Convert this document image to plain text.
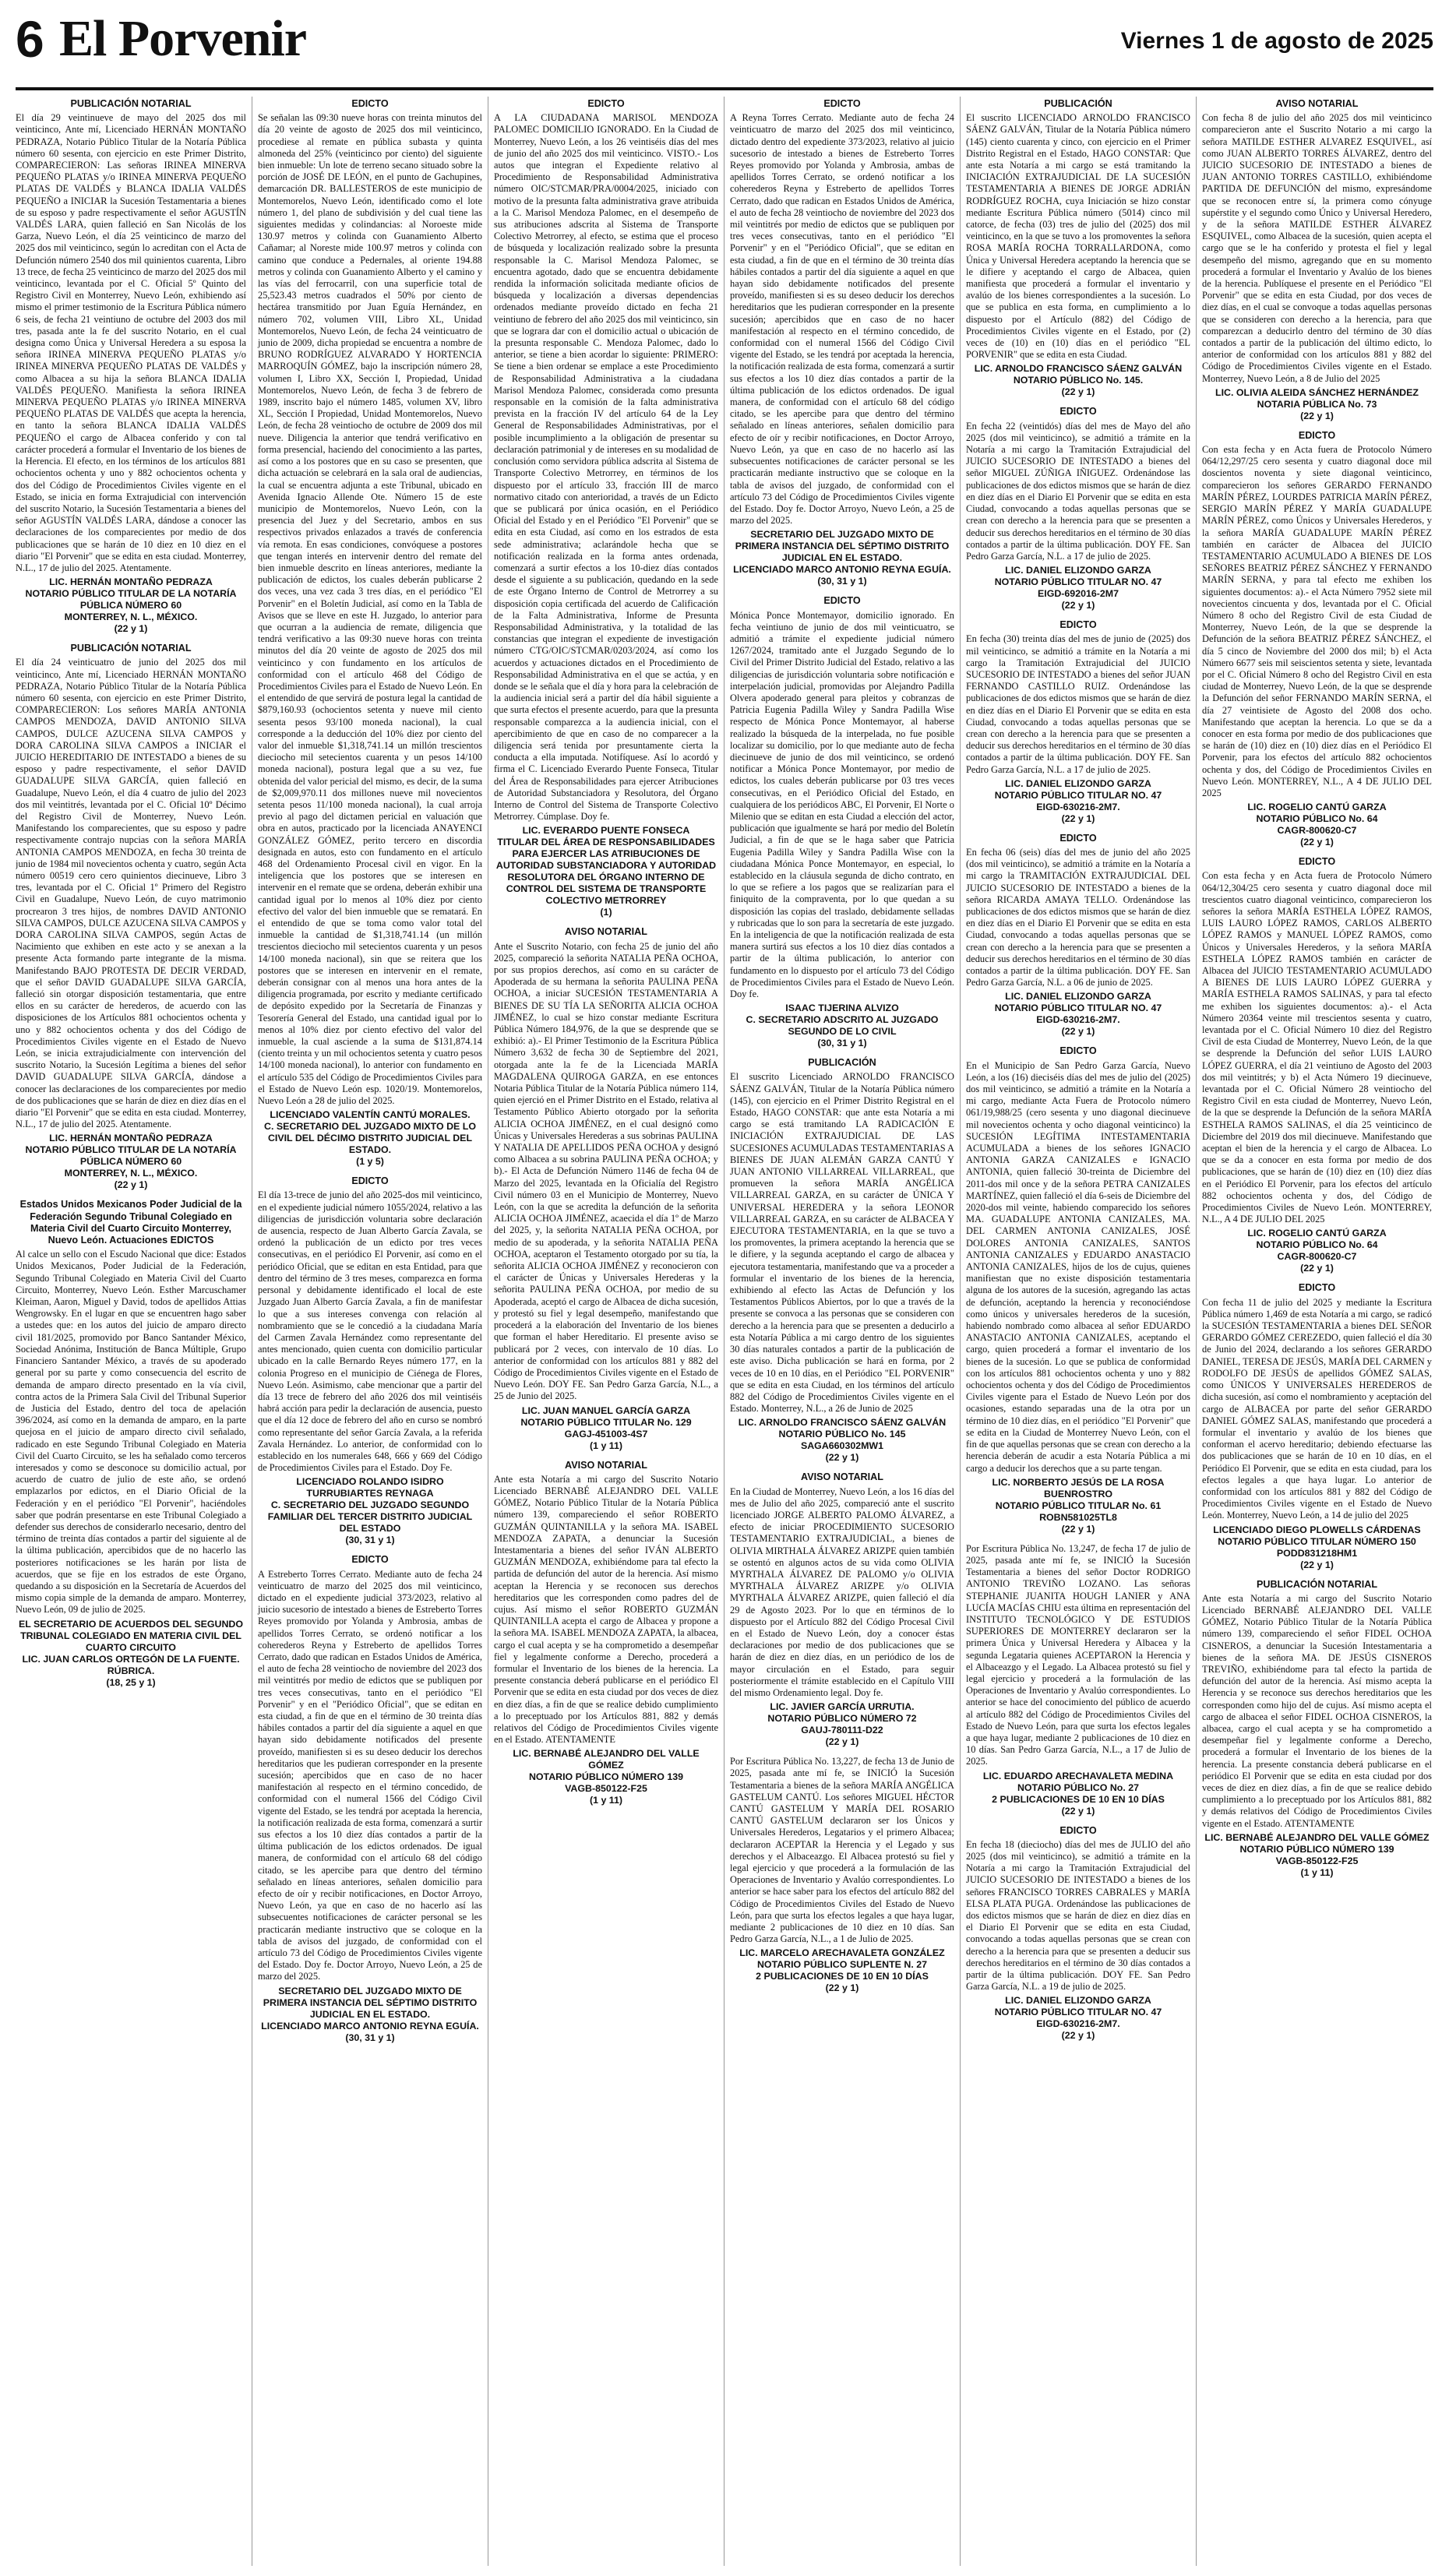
6 El Porvenir	Viernes 1 de agosto de 2025
PUBLICACIÓN NOTARIAL

El día 29 veintinueve de mayo del 2025 dos mil veinticinco, Ante mí, Licenciado HERNÁN MONTAÑO PEDRAZA, Notario Público Titular de la Notaría Pública número 60 sesenta, con ejercicio en este Primer Distrito, COMPARECIERON: Las señoras IRINEA MINERVA PEQUEÑO PLATAS y/o IRINEA MINERVA PEQUEÑO PLATAS DE VALDÉS y BLANCA IDALIA VALDÉS PEQUEÑO a INICIAR la Sucesión Testamentaria a bienes de su esposo y padre respectivamente el señor AGUSTÍN VALDÉS LARA, quien falleció en San Nicolás de los Garza, Nuevo León, el día 25 veinticinco de marzo del 2025 dos mil veinticinco, según lo acreditan con el Acta de Defunción número 2540 dos mil quinientos cuarenta, Libro 13 trece, de fecha 25 veinticinco de marzo del 2025 dos mil veinticinco, levantada por el C. Oficial 5º Quinto del Registro Civil en Monterrey, Nuevo León, exhibiendo así mismo el primer testimonio de la Escritura Pública número 6 seis, de fecha 21 veintiuno de octubre del 2003 dos mil tres, pasada ante la fe del suscrito Notario, en el cual designa como Única y Universal Heredera a su esposa la señora IRINEA MINERVA PEQUEÑO PLATAS y/o IRINEA MINERVA PEQUEÑO PLATAS DE VALDÉS y como Albacea a su hija la señora BLANCA IDALIA VALDÉS PEQUEÑO. Manifiesta la señora IRINEA MINERVA PEQUEÑO PLATAS y/o IRINEA MINERVA PEQUEÑO PLATAS DE VALDÉS que acepta la herencia, en tanto la señora BLANCA IDALIA VALDÉS PEQUEÑO el cargo de Albacea conferido y con tal carácter procederá a formular el Inventario de los bienes de la Herencia. El efecto, en los términos de los artículos 881 ochocientos ochenta y uno y 882 ochocientos ochenta y dos del Código de Procedimientos Civiles vigente en el Estado, se inicia en forma Extrajudicial con intervención del suscrito Notario, la Sucesión Testamentaria a bienes del señor AGUSTÍN VALDÉS LARA, dándose a conocer las declaraciones de los comparecientes por medio de dos publicaciones que se harán de 10 diez en 10 diez en el diario "El Porvenir" que se edita en esta ciudad. Monterrey, N.L., 17 de julio del 2025. Atentamente.

LIC. HERNÁN MONTAÑO PEDRAZA
NOTARIO PÚBLICO TITULAR DE LA NOTARÍA PÚBLICA NÚMERO 60
MONTERREY, N. L., MÉXICO.
(22 y 1)
PUBLICACIÓN NOTARIAL

El día 24 veinticuatro de junio del 2025 dos mil veinticinco, Ante mí, Licenciado HERNÁN MONTAÑO PEDRAZA, Notario Público Titular de la Notaría Pública número 60 sesenta, con ejercicio en este Primer Distrito, COMPARECIERON: Los señores MARÍA ANTONIA CAMPOS MENDOZA, DAVID ANTONIO SILVA CAMPOS, DULCE AZUCENA SILVA CAMPOS y DORA CAROLINA SILVA CAMPOS a INICIAR el JUICIO HEREDITARIO DE INTESTADO a bienes de su esposo y padre respectivamente, el señor DAVID GUADALUPE SILVA GARCÍA, quien falleció en Guadalupe, Nuevo León, el día 4 cuatro de julio del 2023 dos mil veintitrés, levantada por el C. Oficial 10º Décimo del Registro Civil de Monterrey, Nuevo León. Manifestando los comparecientes, que su esposo y padre respectivamente contrajo nupcias con la señora MARÍA ANTONIA CAMPOS MENDOZA, en fecha 30 treinta de junio de 1984 mil novecientos ochenta y cuatro, según Acta número 00519 cero cero quinientos diecinueve, Libro 3 tres, levantada por el C. Oficial 1º Primero del Registro Civil en Guadalupe, Nuevo León, de cuyo matrimonio procrearon 3 tres hijos, de nombres DAVID ANTONIO SILVA CAMPOS, DULCE AZUCENA SILVA CAMPOS y DORA CAROLINA SILVA CAMPOS, según Actas de Nacimiento que exhiben en este acto y se anexan a la presente Acta formando parte integrante de la misma. Manifestando BAJO PROTESTA DE DECIR VERDAD, que el señor DAVID GUADALUPE SILVA GARCÍA, falleció sin otorgar disposición testamentaria, que entre ellos en su carácter de herederos, de acuerdo con las disposiciones de los Artículos 881 ochocientos ochenta y uno y 882 ochocientos ochenta y dos del Código de Procedimientos Civiles vigente en el Estado de Nuevo León, se inicia extrajudicialmente con intervención del suscrito Notario, la Sucesión Legítima a bienes del señor DAVID GUADALUPE SILVA GARCÍA, dándose a conocer las declaraciones de los comparecientes por medio de dos publicaciones que se harán de diez en diez días en el diario "El Porvenir" que se edita en esta ciudad. Monterrey, N.L., 17 de julio del 2025. Atentamente.

LIC. HERNÁN MONTAÑO PEDRAZA
NOTARIO PÚBLICO TITULAR DE LA NOTARÍA PÚBLICA NÚMERO 60
MONTERREY, N. L., MÉXICO.
(22 y 1)
Estados Unidos Mexicanos Poder Judicial de la Federación Segundo Tribunal Colegiado en Materia Civil del Cuarto Circuito Monterrey, Nuevo León. Actuaciones EDICTOS

Al calce un sello con el Escudo Nacional que dice: Estados Unidos Mexicanos, Poder Judicial de la Federación, Segundo Tribunal Colegiado en Materia Civil del Cuarto Circuito, Monterrey, Nuevo León. Esther Marcuschamer Kleiman, Aaron, Miguel y David, todos de apellidos Attias Wengrowsky. En el lugar en que se encuentren hago saber a ustedes que: en los autos del juicio de amparo directo civil 181/2025, promovido por Banco Santander México, Sociedad Anónima, Institución de Banca Múltiple, Grupo Financiero Santander México, a través de su apoderado general por su parte y como consecuencia del escrito de demanda de amparo directo presentado en la vía civil, contra actos de la Primera Sala Civil del Tribunal Superior de Justicia del Estado, dentro del toca de apelación 396/2024, así como en la demanda de amparo, en la parte quejosa en el juicio de amparo directo civil señalado, radicado en este Segundo Tribunal Colegiado en Materia Civil del Cuarto Circuito, se les ha señalado como terceros interesados y como se desconoce su domicilio actual, por acuerdo de cuatro de julio de este año, se ordenó emplazarlos por edictos, en el Diario Oficial de la Federación y en el periódico "El Porvenir", haciéndoles saber que podrán presentarse en este Tribunal Colegiado a defender sus derechos de considerarlo necesario, dentro del término de treinta días contados a partir del siguiente al de la última publicación, apercibidos que de no hacerlo las posteriores notificaciones se les harán por lista de acuerdos, que se fije en los estrados de este Órgano, quedando a su disposición en la Secretaría de Acuerdos del mismo copia simple de la demanda de amparo. Monterrey, Nuevo León, 09 de julio de 2025.

EL SECRETARIO DE ACUERDOS DEL SEGUNDO TRIBUNAL COLEGIADO EN MATERIA CIVIL DEL CUARTO CIRCUITO
LIC. JUAN CARLOS ORTEGÓN DE LA FUENTE.
RÚBRICA.
(18, 25 y 1)
EDICTO

Se señalan las 09:30 nueve horas con treinta minutos del día 20 veinte de agosto de 2025 dos mil veinticinco, procediese al remate en pública subasta y quinta almoneda del 25% (veinticinco por ciento) del siguiente bien inmueble: Un lote de terreno secano situado sobre la porción de JOSÉ DE LEÓN, en el punto de Gachupines, demarcación DR. BALLESTEROS de este municipio de Montemorelos, Nuevo León, identificado como el lote número 1, del plano de subdivisión y del cual tiene las siguientes medidas y colindancias: al Noroeste mide 130.97 metros y colinda con Guanamiento Alberto Cañamar; al Noreste mide 100.97 metros y colinda con camino que conduce a Pedernales, al oriente 194.88 metros y colinda con Guanamiento Alberto y el camino y las vías del ferrocarril, con una superficie total de 25,523.43 metros cuadrados el 50% por ciento de hectárea transmitido por Juan Eguía Hernández, en número 702, volumen VIII, Libro XL, Unidad Montemorelos, Nuevo León, de fecha 24 veinticuatro de junio de 2009, dicha propiedad se encuentra a nombre de BRUNO RODRÍGUEZ ALVARADO Y HORTENCIA MARROQUÍN GÓMEZ, bajo la inscripción número 28, volumen I, Libro XX, Sección I, Propiedad, Unidad Montemorelos, Nuevo León, de fecha 3 de febrero de 1989, inscrito bajo el número 1485, volumen XV, libro XL, Sección I Propiedad, Unidad Montemorelos, Nuevo León, de fecha 28 veintiocho de octubre de 2009 dos mil nueve. Diligencia la anterior que tendrá verificativo en forma presencial, haciendo del conocimiento a las partes, así como a los postores que en su caso se presenten, que dicha actuación se celebrará en la sala oral de audiencias, la cual se encuentra adjunta a este Tribunal, ubicado en Avenida Ignacio Allende Ote. Número 15 de este municipio de Montemorelos, Nuevo León, con la presencia del Juez y del Secretario, ambos en sus respectivos privados enlazados a través de conferencia vía remota. En esas condiciones, convóquese a postores que tengan interés en intervenir dentro del remate del bien inmueble descrito en líneas anteriores, mediante la publicación de edictos, los cuales deberán publicarse 2 dos veces, una vez cada 3 tres días, en el periódico "El Porvenir" en el Boletín Judicial, así como en la Tabla de Avisos que se lleve en este H. Juzgado, lo anterior para que ocurran a la audiencia de remate, diligencia que tendrá verificativo a las 09:30 nueve horas con treinta minutos del día 20 veinte de agosto de 2025 dos mil veinticinco y con fundamento en los artículos de conformidad con el artículo 468 del Código de Procedimientos Civiles para el Estado de Nuevo León. En el entendido de que servirá de postura legal la cantidad de $879,160.93 (ochocientos setenta y nueve mil ciento sesenta pesos 93/100 moneda nacional), la cual corresponde a la deducción del 10% diez por ciento del valor del inmueble $1,318,741.14 un millón trescientos dieciocho mil setecientos cuarenta y un pesos 14/100 moneda nacional), postura legal que a su vez, fue obtenida del valor pericial del mismo, es decir, de la suma de $2,009,970.11 dos millones nueve mil novecientos setenta pesos 11/100 moneda nacional), la cual arroja previo al pago del dictamen pericial en valuación que obra en autos, practicado por la licenciada ANAYENCI GONZÁLEZ GÓMEZ, perito tercero en discordia designada en autos, esto con fundamento en el artículo 468 del Ordenamiento Procesal civil en vigor. En la inteligencia que los postores que se interesen en intervenir en el remate que se ordena, deberán exhibir una cantidad igual por lo menos al 10% diez por ciento efectivo del valor del bien inmueble que se rematará. En el entendido de que se toma como valor total del inmueble la cantidad de $1,318,741.14 (un millón trescientos dieciocho mil setecientos cuarenta y un pesos 14/100 moneda nacional), sin que se reitera que los postores que se interesen en intervenir en el remate, deberán consignar con al menos una hora antes de la diligencia programada, por escrito y mediante certificado de depósito expedido por la Secretaría de Finanzas y Tesorería General del Estado, una cantidad igual por lo menos al 10% diez por ciento efectivo del valor del inmueble, la cual asciende a la suma de $131,874.14 (ciento treinta y un mil ochocientos setenta y cuatro pesos 14/100 moneda nacional), lo anterior con fundamento en el artículo 535 del Código de Procedimientos Civiles para el Estado de Nuevo León esp. 1020/19. Montemorelos, Nuevo León a 28 de julio del 2025.

LICENCIADO VALENTÍN CANTÚ MORALES.
C. SECRETARIO DEL JUZGADO MIXTO DE LO CIVIL DEL DÉCIMO DISTRITO JUDICIAL DEL ESTADO.
(1 y 5)
EDICTO

El día 13-trece de junio del año 2025-dos mil veinticinco, en el expediente judicial número 1055/2024, relativo a las diligencias de jurisdicción voluntaria sobre declaración de ausencia, respecto de Juan Alberto García Zavala, se ordenó la publicación de un edicto por tres veces consecutivas, en el periódico El Porvenir, así como en el periódico Oficial, que se editan en esta Entidad, para que dentro del término de 3 tres meses, comparezca en forma personal y debidamente identificado el local de este Juzgado Juan Alberto García Zavala, a fin de manifestar lo que a sus intereses convenga con relación al nombramiento que se le concedió a la ciudadana María del Carmen Zavala Hernández como representante del antes mencionado, quien cuenta con domicilio particular ubicado en la calle Bernardo Reyes número 177, en la colonia Progreso en el municipio de Ciénega de Flores, Nuevo León. Asimismo, cabe mencionar que a partir del día 13 trece de febrero del año 2026 dos mil veintiséis habrá acción para pedir la declaración de ausencia, puesto que el día 12 doce de febrero del año en curso se nombró como representante del señor García Zavala, a la referida Zavala Hernández. Lo anterior, de conformidad con lo establecido en los numerales 648, 666 y 669 del Código de Procedimientos Civiles para el Estado. Doy Fe.

LICENCIADO ROLANDO ISIDRO TURRUBIARTES REYNAGA
C. SECRETARIO DEL JUZGADO SEGUNDO FAMILIAR DEL TERCER DISTRITO JUDICIAL DEL ESTADO
(30, 31 y 1)
EDICTO

A Estreberto Torres Cerrato. Mediante auto de fecha 24 veinticuatro de marzo del 2025 dos mil veinticinco, dictado en el expediente judicial 373/2023, relativo al juicio sucesorio de intestado a bienes de Estreberto Torres Reyes promovido por Yolanda y Ambrosia, ambas de apellidos Torres Cerrato, se ordenó notificar a los coherederos Reyna y Estreberto de apellidos Torres Cerrato, dado que radican en Estados Unidos de América, el auto de fecha 28 veintiocho de noviembre del 2023 dos mil veintitrés por medio de edictos que se publiquen por tres veces consecutivas, tanto en el periódico "El Porvenir" y en el "Periódico Oficial", que se editan en esta ciudad, a fin de que en el término de 30 treinta días hábiles contados a partir del día siguiente a aquel en que hayan sido debidamente notificados del presente proveído, manifiesten si es su deseo deducir los derechos hereditarios que les pudieran corresponder en la presente sucesión; apercibidos que en caso de no hacer manifestación al respecto en el término concedido, de conformidad con el numeral 1566 del Código Civil vigente del Estado, se les tendrá por aceptada la herencia, la notificación realizada de esta forma, comenzará a surtir sus efectos a los 10 diez días contados a partir de la última publicación de los edictos ordenados. De igual manera, de conformidad con el artículo 68 del código citado, se les apercibe para que dentro del término señalado en líneas anteriores, señalen domicilio para efecto de oír y recibir notificaciones, en Doctor Arroyo, Nuevo León, ya que en caso de no hacerlo así las subsecuentes notificaciones de carácter personal se les practicarán mediante instructivo que se coloque en la tabla de avisos del juzgado, de conformidad con el artículo 73 del Código de Procedimientos Civiles vigente del Estado. Doy fe. Doctor Arroyo, Nuevo León, a 25 de marzo del 2025.

SECRETARIO DEL JUZGADO MIXTO DE PRIMERA INSTANCIA DEL SÉPTIMO DISTRITO JUDICIAL EN EL ESTADO.
LICENCIADO MARCO ANTONIO REYNA EGUÍA.
(30, 31 y 1)
EDICTO

A LA CIUDADANA MARISOL MENDOZA PALOMEC DOMICILIO IGNORADO. En la Ciudad de Monterrey, Nuevo León, a los 26 veintiséis días del mes de junio del año 2025 dos mil veinticinco. VISTO.- Los autos que integran el Expediente relativo al Procedimiento de Responsabilidad Administrativa número OIC/STCMAR/PRA/0004/2025, iniciado con motivo de la presunta falta administrativa grave atribuida a la C. Marisol Mendoza Palomec, en el desempeño de sus atribuciones adscrita al Sistema de Transporte Colectivo Metrorrey, al efecto, se estima que el proceso de búsqueda y localización realizado sobre la presunta responsable la C. Marisol Mendoza Palomec, se encuentra agotado, dado que se encuentra debidamente rendida la información solicitada mediante oficios de búsqueda y localización a diversas dependencias ordenados mediante proveído dictado en fecha 21 veintiuno de febrero del año 2025 dos mil veinticinco, sin que se lograra dar con el domicilio actual o ubicación de la presunta responsable C. Mendoza Palomec, dado lo anterior, se tiene a bien acordar lo siguiente: PRIMERO: Se tiene a bien ordenar se emplace a este Procedimiento de Responsabilidad Administrativa a la ciudadana Marisol Mendoza Palomec, considerada como presunta responsable en la comisión de la falta administrativa prevista en la fracción IV del artículo 64 de la Ley General de Responsabilidades Administrativas, por el posible incumplimiento a la obligación de presentar su declaración patrimonial y de intereses en su modalidad de conclusión como servidora pública adscrita al Sistema de Transporte Colectivo Metrorrey, en términos de los dispuesto por el artículo 33, fracción III de marco normativo citado con anterioridad, a través de un Edicto que se publicará por única ocasión, en el Periódico Oficial del Estado y en el Periódico "El Porvenir" que se edita en esta Ciudad, así como en los estrados de esta sede administrativa; aclarándole hecha que se notificación realizada en la forma antes ordenada, comenzará a surtir efectos a los 10-diez días contados desde el siguiente a su publicación, quedando en la sede de este Órgano Interno de Control de Metrorrey a su disposición copia certificada del acuerdo de Calificación de la Falta Administrativa, Informe de Presunta Responsabilidad Administrativa, y la totalidad de las constancias que integran el expediente de investigación número CTG/OIC/STCMAR/0203/2024, así como los acuerdos y actuaciones dictados en el Procedimiento de Responsabilidad Administrativa en el que se actúa, y en donde se le señala que el día y hora para la celebración de la audiencia inicial será a partir del día hábil siguiente a que surta efectos el presente acuerdo, para que la presunta responsable comparezca a la audiencia inicial, con el apercibimiento de que en caso de no comparecer a la diligencia será tenida por presuntamente cierta la conducta a ella imputada. Notifíquese. Así lo acordó y firma el C. Licenciado Everardo Puente Fonseca, Titular del Área de Responsabilidades para ejercer Atribuciones de Autoridad Substanciadora y Resolutora, del Órgano Interno de Control del Sistema de Transporte Colectivo Metrorrey. Cúmplase. Doy fe.

LIC. EVERARDO PUENTE FONSECA
TITULAR DEL ÁREA DE RESPONSABILIDADES PARA EJERCER LAS ATRIBUCIONES DE AUTORIDAD SUBSTANCIADORA Y AUTORIDAD RESOLUTORA DEL ÓRGANO INTERNO DE CONTROL DEL SISTEMA DE TRANSPORTE COLECTIVO METRORREY
(1)
AVISO NOTARIAL

Ante el Suscrito Notario, con fecha 25 de junio del año 2025, compareció la señorita NATALIA PEÑA OCHOA, por sus propios derechos, así como en su carácter de Apoderada de su hermana la señorita PAULINA PEÑA OCHOA, a iniciar SUCESIÓN TESTAMENTARIA A BIENES DE SU TÍA LA SEÑORITA ALICIA OCHOA JIMÉNEZ, lo cual se hizo constar mediante Escritura Pública Número 184,976, de la que se desprende que se exhibió: a).- El Primer Testimonio de la Escritura Pública Número 3,632 de fecha 30 de Septiembre del 2021, otorgada ante la fe de la Licenciada MARÍA MAGDALENA QUIROGA GARZA, en ese entonces Notaria Pública Titular de la Notaría Pública número 114, quien ejerció en el Primer Distrito en el Estado, relativa al Testamento Público Abierto otorgado por la señorita ALICIA OCHOA JIMÉNEZ, en el cual designó como Únicas y Universales Herederas a sus sobrinas PAULINA Y NATALIA DE APELLIDOS PEÑA OCHOA y designó como Albacea a su sobrina PAULINA PEÑA OCHOA; y b).- El Acta de Defunción Número 1146 de fecha 04 de Marzo del 2025, levantada en la Oficialía del Registro Civil número 03 en el Municipio de Monterrey, Nuevo León, con la que se acredita la defunción de la señorita ALICIA OCHOA JIMÉNEZ, acaecida el día 1º de Marzo del 2025, y, la señorita NATALIA PEÑA OCHOA, por medio de su apoderada, y la señorita NATALIA PEÑA OCHOA, aceptaron el Testamento otorgado por su tía, la señorita ALICIA OCHOA JIMÉNEZ y reconocieron con el carácter de Únicas y Universales Herederas y la señorita PAULINA PEÑA OCHOA, por medio de su Apoderada, aceptó el cargo de Albacea de dicha sucesión, y protestó su fiel y legal desempeño, manifestando que procederá a la elaboración del Inventario de los bienes que forman el haber Hereditario. El presente aviso se publicará por 2 veces, con intervalo de 10 días. Lo anterior de conformidad con los artículos 881 y 882 del Código de Procedimientos Civiles vigente en el Estado de Nuevo León. DOY FE. San Pedro Garza García, N.L., a 25 de Junio del 2025.

LIC. JUAN MANUEL GARCÍA GARZA
NOTARIO PÚBLICO TITULAR No. 129
GAGJ-451003-4S7
(1 y 11)
AVISO NOTARIAL

Ante esta Notaría a mi cargo del Suscrito Notario Licenciado BERNABÉ ALEJANDRO DEL VALLE GÓMEZ, Notario Público Titular de la Notaría Pública número 139, compareciendo el señor ROBERTO GUZMÁN QUINTANILLA y la señora MA. ISABEL MENDOZA ZAPATA, a denunciar la Sucesión Intestamentaria a bienes del señor IVÁN ALBERTO GUZMÁN MENDOZA, exhibiéndome para tal efecto la partida de defunción del autor de la herencia. Así mismo aceptan la Herencia y se reconocen sus derechos hereditarios que les corresponden como padres del de cujus. Así mismo el señor ROBERTO GUZMÁN QUINTANILLA acepta el cargo de Albacea y propone a la señora MA. ISABEL MENDOZA ZAPATA, la albacea, cargo el cual acepta y se ha comprometido a desempeñar fiel y legalmente conforme a Derecho, procederá a formular el Inventario de los bienes de la herencia. La presente constancia deberá publicarse en el periódico El Porvenir que se edita en esta ciudad por dos veces de diez en diez días, a fin de que se realice debido cumplimiento a lo preceptuado por los Artículos 881, 882 y demás relativos del Código de Procedimientos Civiles vigente en el Estado. ATENTAMENTE

LIC. BERNABÉ ALEJANDRO DEL VALLE GÓMEZ
NOTARIO PÚBLICO NÚMERO 139
VAGB-850122-F25
(1 y 11)
EDICTO

A Reyna Torres Cerrato. Mediante auto de fecha 24 veinticuatro de marzo del 2025 dos mil veinticinco, dictado dentro del expediente 373/2023, relativo al juicio sucesorio de intestado a bienes de Estreberto Torres Reyes promovido por Yolanda y Ambrosia, ambas de apellidos Torres Cerrato, se ordenó notificar a los coherederos Reyna y Estreberto de apellidos Torres Cerrato, dado que radican en Estados Unidos de América, el auto de fecha 28 veintiocho de noviembre del 2023 dos mil veintitrés por medio de edictos que se publiquen por tres veces consecutivas, tanto en el periódico "El Porvenir" y en el "Periódico Oficial", que se editan en esta ciudad, a fin de que en el término de 30 treinta días hábiles contados a partir del día siguiente a aquel en que hayan sido debidamente notificados del presente proveído, manifiesten si es su deseo deducir los derechos hereditarios que les pudieran corresponder en la presente sucesión; apercibidos que en caso de no hacer manifestación al respecto en el término concedido, de conformidad con el numeral 1566 del Código Civil vigente del Estado, se les tendrá por aceptada la herencia, la notificación realizada de esta forma, comenzará a surtir sus efectos a los 10 diez días contados a partir de la última publicación de los edictos ordenados. De igual manera, de conformidad con el artículo 68 del código citado, se les apercibe para que dentro del término señalado en líneas anteriores, señalen domicilio para efecto de oír y recibir notificaciones, en Doctor Arroyo, Nuevo León, ya que en caso de no hacerlo así las subsecuentes notificaciones de carácter personal se les practicarán mediante instructivo que se coloque en la tabla de avisos del juzgado, de conformidad con el artículo 73 del Código de Procedimientos Civiles vigente del Estado. Doy fe. Doctor Arroyo, Nuevo León, a 25 de marzo del 2025.

SECRETARIO DEL JUZGADO MIXTO DE PRIMERA INSTANCIA DEL SÉPTIMO DISTRITO JUDICIAL EN EL ESTADO.
LICENCIADO MARCO ANTONIO REYNA EGUÍA.
(30, 31 y 1)
EDICTO

Mónica Ponce Montemayor, domicilio ignorado. En fecha veintiuno de junio de dos mil veinticuatro, se admitió a trámite el expediente judicial número 1267/2024, tramitado ante el Juzgado Segundo de lo Civil del Primer Distrito Judicial del Estado, relativo a las diligencias de jurisdicción voluntaria sobre notificación e interpelación judicial, promovidas por Alejandro Padilla Olvera apoderado general para pleitos y cobranzas de Patricia Eugenia Padilla Wiley y Sandra Padilla Wise respecto de Mónica Ponce Montemayor, al haberse realizado la búsqueda de la interpelada, no fue posible localizar su domicilio, por lo que mediante auto de fecha diecinueve de junio de dos mil veinticinco, se ordenó notificar a Mónica Ponce Montemayor, por medio de edictos, los cuales deberán publicarse por 03 tres veces consecutivas, en el Periódico Oficial del Estado, en cualquiera de los periódicos ABC, El Porvenir, El Norte o Milenio que se editan en esta Ciudad a elección del actor, publicación que igualmente se hará por medio del Boletín Judicial, a fin de que se le haga saber que Patricia Eugenia Padilla Wiley y Sandra Padilla Wise con la ciudadana Mónica Ponce Montemayor, en especial, lo establecido en la cláusula segunda de dicho contrato, en lo que se refiere a los pagos que se realizarían para el finiquito de la compraventa, por lo que quedan a su disposición las copias del traslado, debidamente selladas y rubricadas que lo son para la secretaría de este juzgado. En la inteligencia de que la notificación realizada de esta manera surtirá sus efectos a los 10 diez días contados a partir de la última publicación, lo anterior con fundamento en lo dispuesto por el artículo 73 del Código de Procedimientos Civiles para el Estado de Nuevo León. Doy fe.

ISAAC TIJERINA ALVIZO
C. SECRETARIO ADSCRITO AL JUZGADO SEGUNDO DE LO CIVIL
(30, 31 y 1)
PUBLICACIÓN

El suscrito Licenciado ARNOLDO FRANCISCO SÁENZ GALVÁN, Titular de la Notaría Pública número (145), con ejercicio en el Primer Distrito Registral en el Estado, HAGO CONSTAR: que ante esta Notaría a mi cargo se está tramitando LA RADICACIÓN E INICIACIÓN EXTRAJUDICIAL DE LAS SUCESIONES ACUMULADAS TESTAMENTARIAS A BIENES DE JUAN ALEMÁN GARZA CANTÚ Y JUAN ANTONIO VILLARREAL VILLARREAL, que promueven la señora MARÍA ANGÉLICA VILLARREAL GARZA, en su carácter de ÚNICA Y UNIVERSAL HEREDERA y la señora LEONOR VILLARREAL GARZA, en su carácter de ALBACEA Y EJECUTORA TESTAMENTARIA, en la que se tuvo a los promoventes, la primera aceptando la herencia que se le difiere, y la segunda aceptando el cargo de albacea y ejecutora testamentaria, manifestando que va a proceder a formular el inventario de los bienes de la herencia, exhibiendo al efecto las Actas de Defunción y los Testamentos Públicos Abiertos, por lo que a través de la presente se convoca a las personas que se consideren con derecho a la herencia para que se presenten a deducirlo a esta Notaría Pública a mi cargo dentro de los siguientes 30 días naturales contados a partir de la publicación de este aviso. Dicha publicación se hará en forma, por 2 veces de 10 en 10 días, en el Periódico "EL PORVENIR" que se edita en esta Ciudad, en los términos del artículo 882 del Código de Procedimientos Civiles vigente en el Estado. Monterrey, N.L., a 26 de Junio de 2025

LIC. ARNOLDO FRANCISCO SÁENZ GALVÁN
NOTARIO PÚBLICO No. 145
SAGA660302MW1
(22 y 1)
AVISO NOTARIAL

En la Ciudad de Monterrey, Nuevo León, a los 16 días del mes de Julio del año 2025, compareció ante el suscrito licenciado JORGE ALBERTO PALOMO ÁLVAREZ, a efecto de iniciar PROCEDIMIENTO SUCESORIO TESTAMENTARIO EXTRAJUDICIAL, a bienes de OLIVIA MIRTHALA ÁLVAREZ ARIZPE quien también se ostentó en algunos actos de su vida como OLIVIA MYRTHALA ÁLVAREZ DE PALOMO y/o OLIVIA MYRTHALA ÁLVAREZ ARIZPE y/o OLIVIA MYRTHALA ÁLVAREZ ARIZPE, quien falleció el día 29 de Agosto 2023. Por lo que en términos de lo dispuesto por el Artículo 882 del Código Procesal Civil en el Estado de Nuevo León, doy a conocer éstas declaraciones por medio de dos publicaciones que se harán de diez en diez días, en un periódico de los de mayor circulación en el Estado, para seguir posteriormente el trámite establecido en el Capítulo VIII del mismo Ordenamiento legal. Doy fe.

LIC. JAVIER GARCÍA URRUTIA.
NOTARIO PÚBLICO NÚMERO 72
GAUJ-780111-D22
(22 y 1)

Por Escritura Pública No. 13,227, de fecha 13 de Junio de 2025, pasada ante mí fe, se INICIÓ la Sucesión Testamentaria a bienes de la señora MARÍA ANGÉLICA GASTELUM CANTÚ. Los señores MIGUEL HÉCTOR CANTÚ GASTELUM Y MARÍA DEL ROSARIO CANTÚ GASTELUM declararon ser los Únicos y Universales Herederos, Legatarios y el primero Albacea; declararon ACEPTAR la Herencia y el Legado y sus derechos y el Albaceazgo. El Albacea protestó su fiel y legal ejercicio y que procederá a la formulación de las Operaciones de Inventario y Avalúo correspondientes. Lo anterior se hace saber para los efectos del artículo 882 del Código de Procedimientos Civiles del Estado de Nuevo León, para que surta los efectos legales a que haya lugar, mediante 2 publicaciones de 10 diez en 10 días. San Pedro Garza García, N.L., a 1 de Julio de 2025.

LIC. MARCELO ARECHAVALETA GONZÁLEZ
NOTARIO PÚBLICO SUPLENTE N. 27
2 PUBLICACIONES DE 10 EN 10 DÍAS
(22 y 1)
PUBLICACIÓN

El suscrito LICENCIADO ARNOLDO FRANCISCO SÁENZ GALVÁN, Titular de la Notaría Pública número (145) ciento cuarenta y cinco, con ejercicio en el Primer Distrito Registral en el Estado, HAGO CONSTAR: Que ante esta Notaría a mi cargo se está tramitando la INICIACIÓN EXTRAJUDICIAL DE LA SUCESIÓN TESTAMENTARIA A BIENES DE JORGE ADRIÁN RODRÍGUEZ ROCHA, cuya Iniciación se hizo constar mediante Escritura Pública número (5014) cinco mil catorce, de fecha (03) tres de julio del (2025) dos mil veinticinco, en la que se tuvo a los promoventes la señora ROSA MARÍA ROCHA TORRALLARDONA, como Única y Universal Heredera aceptando la herencia que se le difiere y aceptando el cargo de Albacea, quien manifiesta que procederá a formular el inventario y avalúo de los bienes correspondientes a la sucesión. Lo que se publica en esta forma, en cumplimiento a lo dispuesto por el Artículo (882) del Código de Procedimientos Civiles vigente en el Estado, por (2) veces de (10) en (10) días en el periódico "EL PORVENIR" que se edita en esta Ciudad.

LIC. ARNOLDO FRANCISCO SÁENZ GALVÁN
NOTARIO PÚBLICO No. 145.
(22 y 1)
EDICTO

En fecha 22 (veintidós) días del mes de Mayo del año 2025 (dos mil veinticinco), se admitió a trámite en la Notaría a mi cargo la Tramitación Extrajudicial del JUICIO SUCESORIO DE INTESTADO a bienes del señor MIGUEL ZÚÑIGA IÑIGUEZ. Ordenándose las publicaciones de dos edictos mismos que se harán de diez en diez días en el Diario El Porvenir que se edita en esta Ciudad, convocando a todas aquellas personas que se crean con derecho a la herencia para que se presenten a deducir sus derechos hereditarios en el término de 30 días contados a partir de la última publicación. DOY FE. San Pedro Garza García, N.L. a 17 de julio de 2025.

LIC. DANIEL ELIZONDO GARZA
NOTARIO PÚBLICO TITULAR NO. 47
EIGD-692016-2M7
(22 y 1)
EDICTO

En fecha (30) treinta días del mes de junio de (2025) dos mil veinticinco, se admitió a trámite en la Notaría a mi cargo la Tramitación Extrajudicial del JUICIO SUCESORIO DE INTESTADO a bienes del señor JUAN FERNANDO CASTILLO RUIZ. Ordenándose las publicaciones de dos edictos mismos que se harán de diez en diez días en el Diario El Porvenir que se edita en esta Ciudad, convocando a todas aquellas personas que se crean con derecho a la herencia para que se presenten a deducir sus derechos hereditarios en el término de 30 días contados a partir de la última publicación. DOY FE. San Pedro Garza García, N.L. a 17 de julio de 2025.

LIC. DANIEL ELIZONDO GARZA
NOTARIO PÚBLICO TITULAR NO. 47
EIGD-630216-2M7.
(22 y 1)
EDICTO

En fecha 06 (seis) días del mes de junio del año 2025 (dos mil veinticinco), se admitió a trámite en la Notaría a mi cargo la TRAMITACIÓN EXTRAJUDICIAL DEL JUICIO SUCESORIO DE INTESTADO a bienes de la señora RICARDA AMAYA TELLO. Ordenándose las publicaciones de dos edictos mismos que se harán de diez en diez días en el Diario El Porvenir que se edita en esta Ciudad, convocando a todas aquellas personas que se crean con derecho a la herencia para que se presenten a deducir sus derechos hereditarios en el término de 30 días contados a partir de la última publicación. DOY FE. San Pedro Garza García, N.L. a 06 de junio de 2025.

LIC. DANIEL ELIZONDO GARZA
NOTARIO PÚBLICO TITULAR NO. 47
EIGD-630216-2M7.
(22 y 1)
EDICTO

En el Municipio de San Pedro Garza García, Nuevo León, a los (16) dieciséis días del mes de julio del (2025) dos mil veinticinco, se admitió a trámite en la Notaría a mi cargo, mediante Acta Fuera de Protocolo número 061/19,988/25 (cero sesenta y uno diagonal diecinueve mil novecientos ochenta y ocho diagonal veinticinco) la SUCESIÓN LEGÍTIMA INTESTAMENTARIA ACUMULADA a bienes de los señores IGNACIO ANTONIA GARZA CANIZALES e IGNACIO ANTONIA, quien falleció 30-treinta de Diciembre del 2011-dos mil once y de la señora PETRA CANIZALES MARTÍNEZ, quien falleció el día 6-seis de Diciembre del 2020-dos mil veinte, habiendo comparecido los señores MA. GUADALUPE ANTONIA CANIZALES, MA. DEL CARMEN ANTONIA CANIZALES, JOSÉ DOLORES ANTONIA CANIZALES, SANTOS ANTONIA CANIZALES y EDUARDO ANASTACIO ANTONIA CANIZALES, hijos de los de cujus, quienes manifiestan que no existe disposición testamentaria alguna de los autores de la sucesión, agregando las actas de defunción, aceptando la herencia y reconociéndose como únicos y universales herederos de la sucesión, habiendo nombrado como albacea al señor EDUARDO ANASTACIO ANTONIA CANIZALES, aceptando el cargo, quien procederá a formar el inventario de los bienes de la sucesión. Lo que se publica de conformidad con los artículos 881 ochocientos ochenta y uno y 882 ochocientos ochenta y dos del Código de Procedimientos Civiles vigente para el Estado de Nuevo León por dos ocasiones, estando separadas una de la otra por un término de 10 diez días, en el periódico "El Porvenir" que se edita en la Ciudad de Monterrey Nuevo León, con el fin de que aquellas personas que se crean con derecho a la herencia deberán de acudir a esta Notaría Pública a mi cargo a deducir los derechos que a su parte tengan.

LIC. NORBERTO JESÚS DE LA ROSA BUENROSTRO
NOTARIO PÚBLICO TITULAR No. 61
ROBN581025TL8
(22 y 1)

Por Escritura Pública No. 13,247, de fecha 17 de julio de 2025, pasada ante mí fe, se INICIÓ la Sucesión Testamentaria a bienes del señor Doctor RODRIGO ANTONIO TREVIÑO LOZANO. Las señoras STEPHANIE JUANITA HOUGH LANIER y ANA LUCÍA MACÍAS CHIU esta última en representación del INSTITUTO TECNOLÓGICO Y DE ESTUDIOS SUPERIORES DE MONTERREY declararon ser la primera Única y Universal Heredera y Albacea y la segunda Legataria quienes ACEPTARON la Herencia y el Albaceazgo y el Legado. La Albacea protestó su fiel y legal ejercicio y procederá a la formulación de las Operaciones de Inventario y Avalúo correspondientes. Lo anterior se hace del conocimiento del público de acuerdo al artículo 882 del Código de Procedimientos Civiles del Estado de Nuevo León, para que surta los efectos legales a que haya lugar, mediante 2 publicaciones de 10 diez en 10 días. San Pedro Garza García, N.L., a 17 de Julio de 2025.

LIC. EDUARDO ARECHAVALETA MEDINA
NOTARIO PÚBLICO No. 27
2 PUBLICACIONES DE 10 EN 10 DÍAS
(22 y 1)
EDICTO

En fecha 18 (dieciocho) días del mes de JULIO del año 2025 (dos mil veinticinco), se admitió a trámite en la Notaría a mi cargo la Tramitación Extrajudicial del JUICIO SUCESORIO DE INTESTADO a bienes de los señores FRANCISCO TORRES CABRALES y MARÍA ELSA PLATA PUGA. Ordenándose las publicaciones de dos edictos mismos que se harán de diez en diez días en el Diario El Porvenir que se edita en esta Ciudad, convocando a todas aquellas personas que se crean con derecho a la herencia para que se presenten a deducir sus derechos hereditarios en el término de 30 días contados a partir de la última publicación. DOY FE. San Pedro Garza García, N.L. a 19 de julio de 2025.

LIC. DANIEL ELIZONDO GARZA
NOTARIO PÚBLICO TITULAR NO. 47
EIGD-630216-2M7.
(22 y 1)
AVISO NOTARIAL

Con fecha 8 de julio del año 2025 dos mil veinticinco comparecieron ante el Suscrito Notario a mi cargo la señora MATILDE ESTHER ALVAREZ ESQUIVEL, así como JUAN ALBERTO TORRES ÁLVAREZ, dentro del JUICIO SUCESORIO DE INTESTADO a bienes de JUAN ANTONIO TORRES CASTILLO, exhibiéndome PARTIDA DE DEFUNCIÓN del mismo, expresándome que se reconocen entre sí, la primera como cónyuge supérstite y el segundo como Único y Universal Heredero, y de la señora MATILDE ESTHER ÁLVAREZ ESQUIVEL, como Albacea de la sucesión, quien acepta el cargo que se le ha conferido y protesta el fiel y legal desempeño del mismo, agregando que en su momento procederá a formular el Inventario y Avalúo de los bienes de la herencia. Publíquese el presente en el Periódico "El Porvenir" que se edita en esta Ciudad, por dos veces de diez días, en el cual se convoque a todas aquellas personas que se consideren con derecho a la herencia, para que comparezcan a deducirlo dentro del término de 30 días contados a partir de la publicación del último edicto, lo anterior de conformidad con los artículos 881 y 882 del Código de Procedimientos Civiles vigente en el Estado. Monterrey, Nuevo León, a 8 de Julio del 2025

LIC. OLIVIA ALEIDA SÁNCHEZ HERNÁNDEZ
NOTARIA PÚBLICA No. 73
(22 y 1)
EDICTO

Con esta fecha y en Acta fuera de Protocolo Número 064/12,297/25 cero sesenta y cuatro diagonal doce mil doscientos noventa y siete diagonal veinticinco, comparecieron los señores GERARDO FERNANDO MARÍN PÉREZ, LOURDES PATRICIA MARÍN PÉREZ, SERGIO MARÍN PÉREZ Y MARÍA GUADALUPE MARÍN PÉREZ, como Únicos y Universales Herederos, y la señora MARÍA GUADALUPE MARÍN PÉREZ también en carácter de Albacea del JUICIO TESTAMENTARIO ACUMULADO A BIENES DE LOS SEÑORES BEATRIZ PÉREZ SÁNCHEZ Y FERNANDO MARÍN SERNA, y para tal efecto me exhiben los siguientes documentos: a).- el Acta Número 7952 siete mil novecientos cincuenta y dos, levantada por el C. Oficial Número 8 ocho del Registro Civil de esta Ciudad de Monterrey, Nuevo León, de la que se desprende la Defunción de la señora BEATRIZ PÉREZ SÁNCHEZ, el día 5 cinco de Noviembre del 2000 dos mil; b) el Acta Número 6677 seis mil seiscientos setenta y siete, levantada por el C. Oficial Número 8 ocho del Registro Civil en esta ciudad de Monterrey, Nuevo León, de la que se desprende la Defunción del señor FERNANDO MARÍN SERNA, el día 27 veintisiete de Agosto del 2008 dos ocho. Manifestando que aceptan la herencia. Lo que se da a conocer en esta forma por medio de dos publicaciones que se harán de (10) diez en (10) diez días en el Periódico El Porvenir, para los efectos del artículo 882 ochocientos ochenta y dos, del Código de Procedimientos Civiles en Nuevo León. MONTERREY, N.L., A 4 DE JULIO DEL 2025

LIC. ROGELIO CANTÚ GARZA
NOTARIO PÚBLICO No. 64
CAGR-800620-C7
(22 y 1)
EDICTO

Con esta fecha y en Acta fuera de Protocolo Número 064/12,304/25 cero sesenta y cuatro diagonal doce mil trescientos cuatro diagonal veinticinco, comparecieron los señores la señora MARÍA ESTHELA LÓPEZ RAMOS, LUIS LAURO LÓPEZ RAMOS, CARLOS ALBERTO LÓPEZ RAMOS y MANUEL LÓPEZ RAMOS, como Únicos y Universales Herederos, y la señora MARÍA ESTHELA LÓPEZ RAMOS también en carácter de Albacea del JUICIO TESTAMENTARIO ACUMULADO A BIENES DE LUIS LAURO LÓPEZ GUERRA y MARÍA ESTHELA RAMOS SALINAS, y para tal efecto me exhiben los siguientes documentos: a).- el Acta Número 20364 veinte mil trescientos sesenta y cuatro, levantada por el C. Oficial Número 10 diez del Registro Civil de esta Ciudad de Monterrey, Nuevo León, de la que se desprende la Defunción del señor LUIS LAURO LÓPEZ GUERRA, el día 21 veintiuno de Agosto del 2003 dos mil veintitrés; y b) el Acta Número 19 diecinueve, levantada por el C. Oficial Número 28 veintiocho del Registro Civil en esta ciudad de Monterrey, Nuevo León, de la que se desprende la Defunción de la señora MARÍA ESTHELA RAMOS SALINAS, el día 25 veinticinco de Diciembre del 2019 dos mil diecinueve. Manifestando que aceptan el bien de la herencia y el cargo de Albacea. Lo que se da a conocer en esta forma por medio de dos publicaciones, que se harán de (10) diez en (10) diez días en el Periódico El Porvenir, para los efectos del artículo 882 ochocientos ochenta y dos, del Código de Procedimientos Civiles de Nuevo León. MONTERREY, N.L., A 4 DE JULIO DEL 2025

LIC. ROGELIO CANTÚ GARZA
NOTARIO PÚBLICO No. 64
CAGR-800620-C7
(22 y 1)
EDICTO

Con fecha 11 de julio del 2025 y mediante la Escritura Pública número 1,469 de esta Notaría a mi cargo, se radicó la SUCESIÓN TESTAMENTARIA a bienes DEL SEÑOR GERARDO GÓMEZ CEREZEDO, quien falleció el día 30 de Junio del 2024, declarando a los señores GERARDO DANIEL, TERESA DE JESÚS, MARÍA DEL CARMEN y RODOLFO DE JESÚS de apellidos GÓMEZ SALAS, como ÚNICOS Y UNIVERSALES HEREDEROS de dicha sucesión, así como el nombramiento y aceptación del cargo de ALBACEA por parte del señor GERARDO DANIEL GÓMEZ SALAS, manifestando que procederá a formular el inventario y avalúo de los bienes que conforman el acervo hereditario; debiendo efectuarse las dos publicaciones que se harán de 10 en 10 días, en el Periódico El Porvenir, que se edita en esta ciudad, para los efectos legales a que haya lugar. Lo anterior de conformidad con los artículos 881 y 882 del Código de Procedimientos Civiles vigente en el Estado de Nuevo León. Monterrey, Nuevo León, a 14 de julio del 2025

LICENCIADO DIEGO PLOWELLS CÁRDENAS
NOTARIO PÚBLICO TITULAR NÚMERO 150
PODD831218HM1
(22 y 1)
PUBLICACIÓN NOTARIAL

Ante esta Notaría a mi cargo del Suscrito Notario Licenciado BERNABÉ ALEJANDRO DEL VALLE GÓMEZ, Notario Público Titular de la Notaría Pública número 139, compareciendo el señor FIDEL OCHOA CISNEROS, a denunciar la Sucesión Intestamentaria a bienes de la señora MA. DE JESÚS CISNEROS TREVIÑO, exhibiéndome para tal efecto la partida de defunción del autor de la herencia. Así mismo acepta la Herencia y se reconoce sus derechos hereditarios que les corresponden como hijo del de cujus. Así mismo acepta el cargo de albacea el señor FIDEL OCHOA CISNEROS, la albacea, cargo el cual acepta y se ha comprometido a desempeñar fiel y legalmente conforme a Derecho, procederá a formular el Inventario de los bienes de la herencia. La presente constancia deberá publicarse en el periódico El Porvenir que se edita en esta ciudad por dos veces de diez en diez días, a fin de que se realice debido cumplimiento a lo preceptuado por los Artículos 881, 882 y demás relativos del Código de Procedimientos Civiles vigente en el Estado. ATENTAMENTE

LIC. BERNABÉ ALEJANDRO DEL VALLE GÓMEZ
NOTARIO PÚBLICO NÚMERO 139
VAGB-850122-F25
(1 y 11)
